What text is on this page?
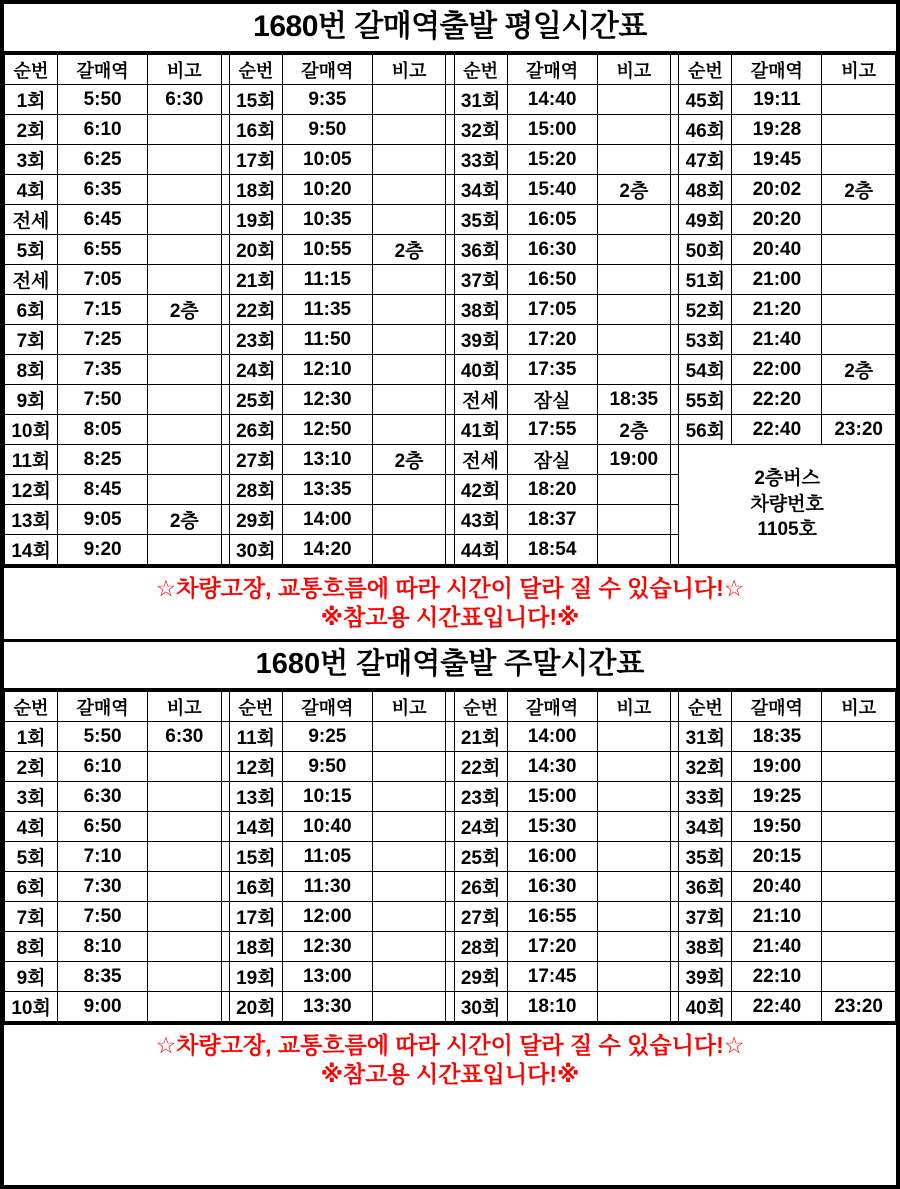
1680번 갈매역출발 평일시간표
순번	갈매역	비고		순번	갈매역	비고		순번	갈매역	비고		순번	갈매역	비고
1회	5:50	6:30		15회	9:35			31회	14:40			45회	19:11	
2회	6:10			16회	9:50			32회	15:00			46회	19:28	
3회	6:25			17회	10:05			33회	15:20			47회	19:45	
4회	6:35			18회	10:20			34회	15:40	2층		48회	20:02	2층
전세	6:45			19회	10:35			35회	16:05			49회	20:20	
5회	6:55			20회	10:55	2층		36회	16:30			50회	20:40	
전세	7:05			21회	11:15			37회	16:50			51회	21:00	
6회	7:15	2층		22회	11:35			38회	17:05			52회	21:20	
7회	7:25			23회	11:50			39회	17:20			53회	21:40	
8회	7:35			24회	12:10			40회	17:35			54회	22:00	2층
9회	7:50			25회	12:30			전세	잠실	18:35		55회	22:20	
10회	8:05			26회	12:50			41회	17:55	2층		56회	22:40	23:20
11회	8:25			27회	13:10	2층		전세	잠실	19:00		2층버스
차량번호
1105호		

12회	8:45			28회	13:35			42회	18:20					
13회	9:05	2층		29회	14:00			43회	18:37					
14회	9:20			30회	14:20			44회	18:54					
☆차량고장, 교통흐름에 따라 시간이 달라 질 수 있습니다!☆
※참고용 시간표입니다!※
1680번 갈매역출발 주말시간표
순번	갈매역	비고		순번	갈매역	비고		순번	갈매역	비고		순번	갈매역	비고
1회	5:50	6:30		11회	9:25			21회	14:00			31회	18:35	
2회	6:10			12회	9:50			22회	14:30			32회	19:00	
3회	6:30			13회	10:15			23회	15:00			33회	19:25	
4회	6:50			14회	10:40			24회	15:30			34회	19:50	
5회	7:10			15회	11:05			25회	16:00			35회	20:15	
6회	7:30			16회	11:30			26회	16:30			36회	20:40	
7회	7:50			17회	12:00			27회	16:55			37회	21:10	
8회	8:10			18회	12:30			28회	17:20			38회	21:40	
9회	8:35			19회	13:00			29회	17:45			39회	22:10	
10회	9:00			20회	13:30			30회	18:10			40회	22:40	23:20
☆차량고장, 교통흐름에 따라 시간이 달라 질 수 있습니다!☆
※참고용 시간표입니다!※
